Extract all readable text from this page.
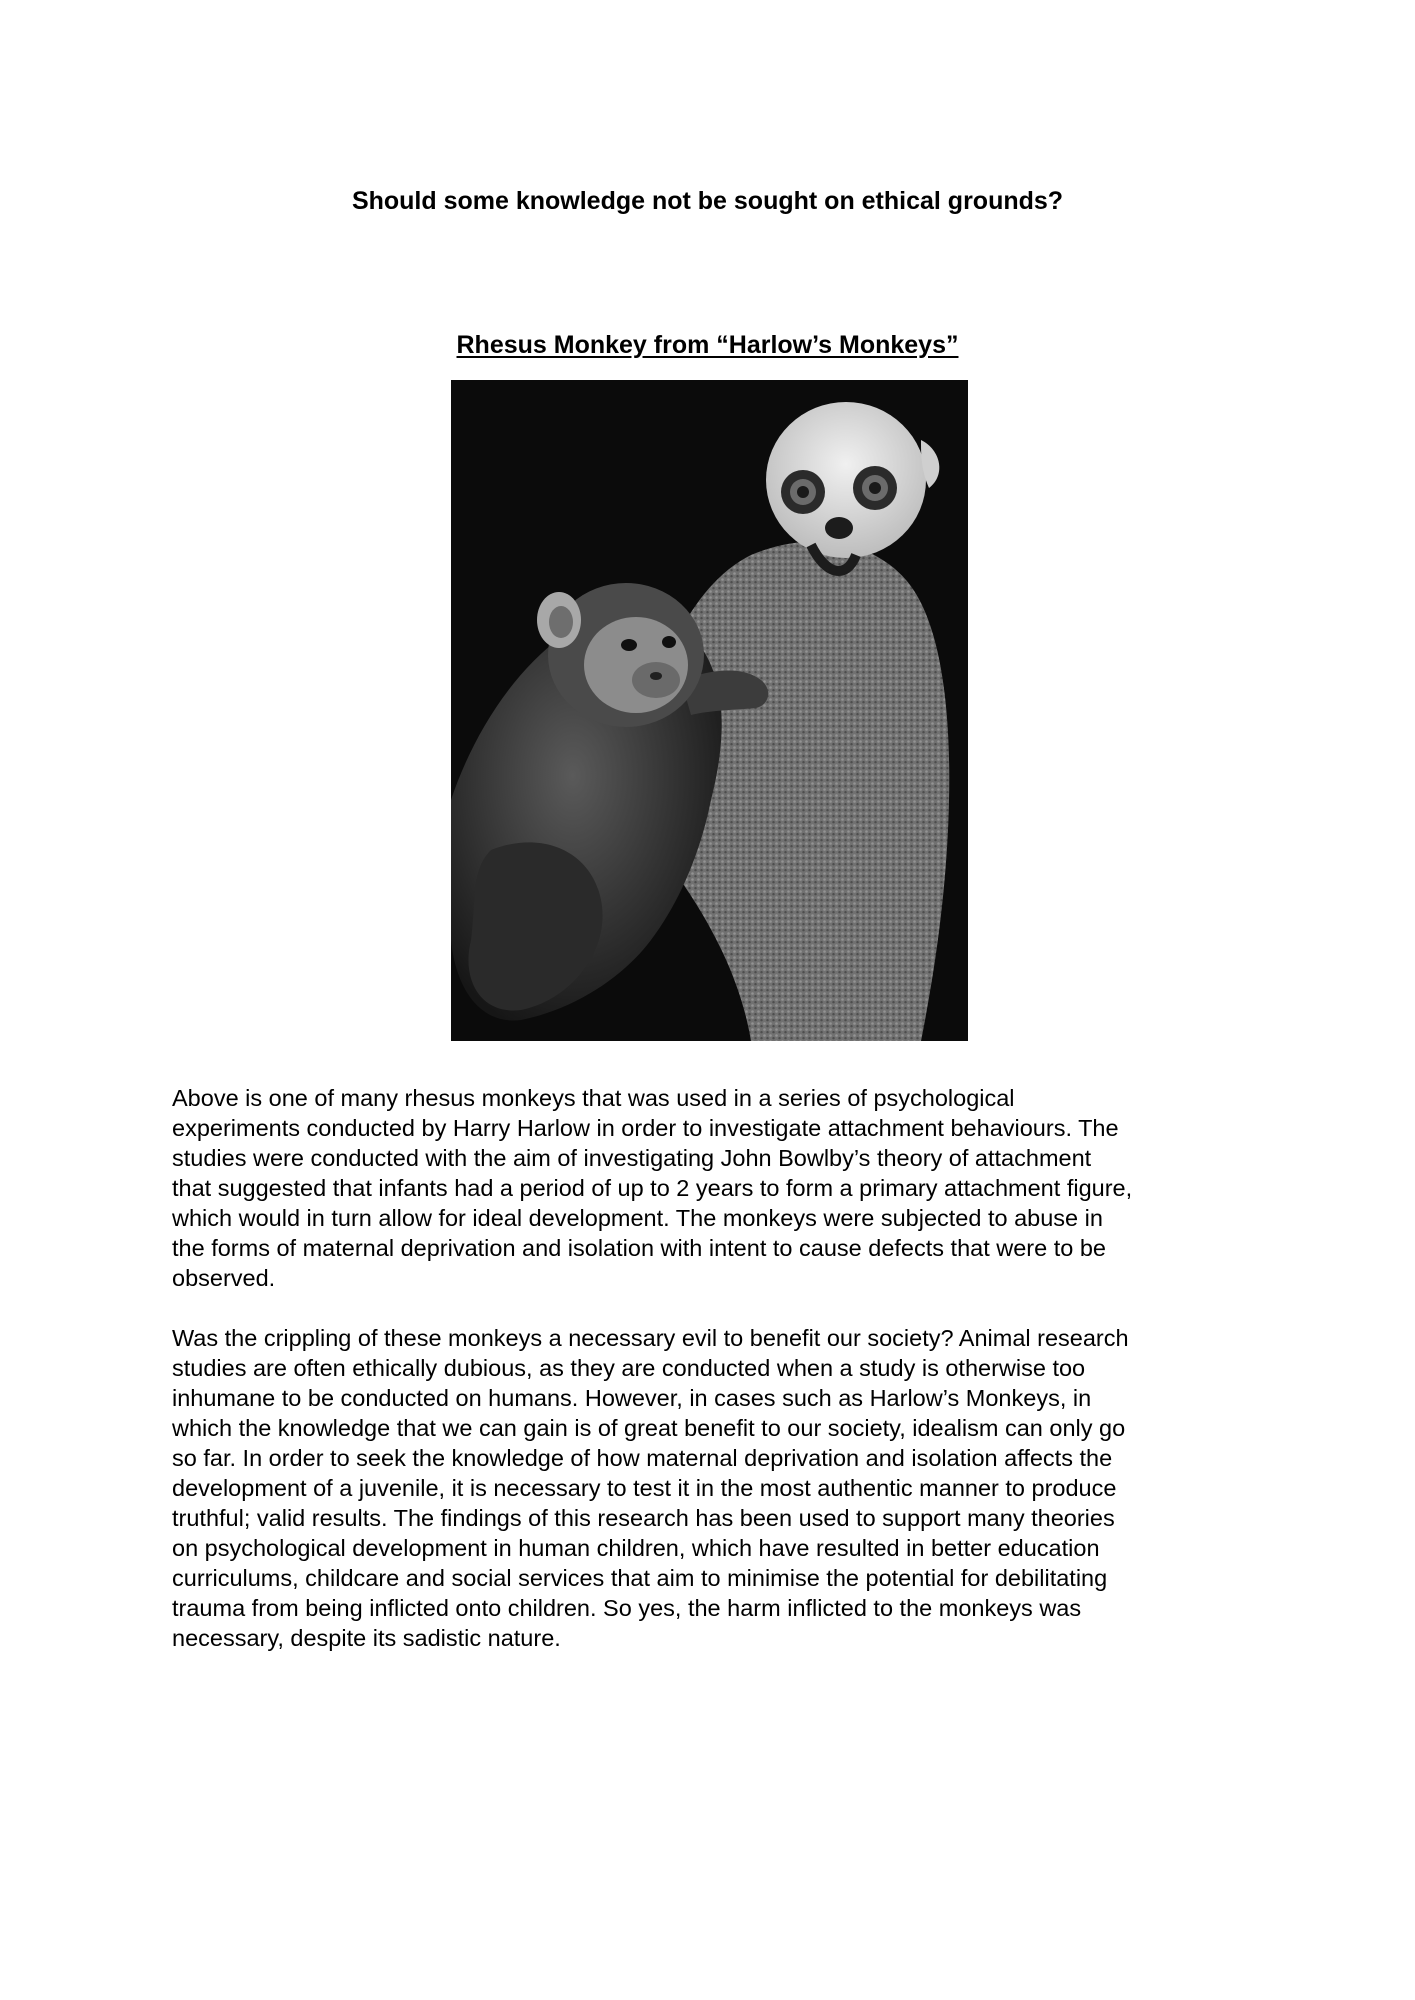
Should some knowledge not be sought on ethical grounds?
Rhesus Monkey from “Harlow’s Monkeys”
Above is one of many rhesus monkeys that was used in a series of psychological
experiments conducted by Harry Harlow in order to investigate attachment behaviours. The
studies were conducted with the aim of investigating John Bowlby’s theory of attachment
that suggested that infants had a period of up to 2 years to form a primary attachment figure,
which would in turn allow for ideal development. The monkeys were subjected to abuse in
the forms of maternal deprivation and isolation with intent to cause defects that were to be
observed.
Was the crippling of these monkeys a necessary evil to benefit our society? Animal research
studies are often ethically dubious, as they are conducted when a study is otherwise too
inhumane to be conducted on humans. However, in cases such as Harlow’s Monkeys, in
which the knowledge that we can gain is of great benefit to our society, idealism can only go
so far. In order to seek the knowledge of how maternal deprivation and isolation affects the
development of a juvenile, it is necessary to test it in the most authentic manner to produce
truthful; valid results. The findings of this research has been used to support many theories
on psychological development in human children, which have resulted in better education
curriculums, childcare and social services that aim to minimise the potential for debilitating
trauma from being inflicted onto children. So yes, the harm inflicted to the monkeys was
necessary, despite its sadistic nature.
